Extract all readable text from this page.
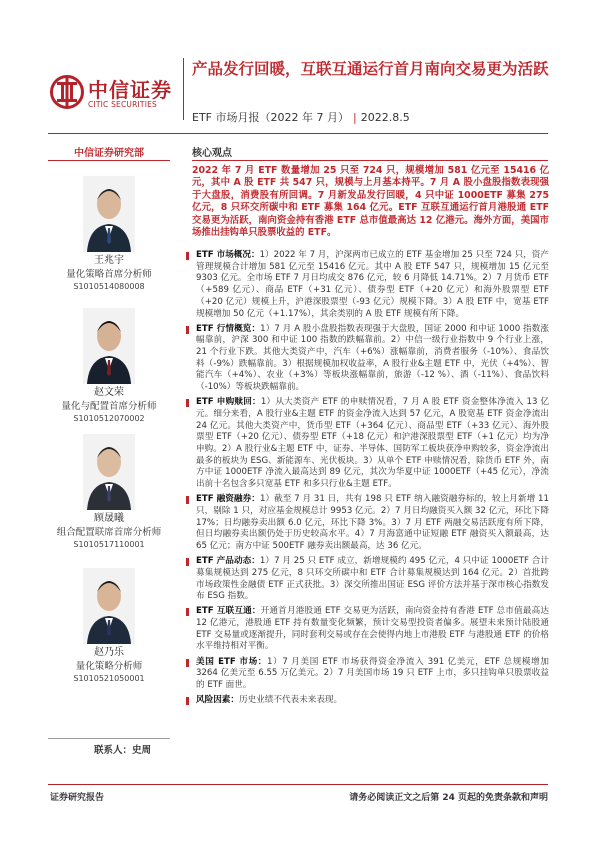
中信证券
CITIC SECURITIES
产品发行回暖，互联互通运行首月南向交易更为活跃
ETF 市场月报（2022 年 7 月） | 2022.8.5
中信证券研究部
王兆宇
量化策略首席分析师
S1010514080008
赵文荣
量化与配置首席分析师
S1010512070002
顾晟曦
组合配置联席首席分析师
S1010517110001
赵乃乐
量化策略分析师
S1010521050001
联系人：史周
核心观点

2022 年 7 月 ETF 数量增加 25 只至 724 只，规模增加 581 亿元至 15416 亿元，其中 A 股 ETF 共 547 只，规模与上月基本持平。7 月 A 股小盘股指数表现强于大盘股，消费股有所回调。7 月新发品发行回暖，4 只中证 1000ETF 募集 275 亿元，8 只环交所碳中和 ETF 募集 164 亿元。ETF 互联互通运行首月港股通 ETF 交易更为活跃，南向资金持有香港 ETF 总市值最高达 12 亿港元。海外方面，美国市场推出挂钩单只股票收益的 ETF。

ETF 市场概况：1）2022 年 7 月，沪深两市已成立的 ETF 基金增加 25 只至 724 只，资产管理规模合计增加 581 亿元至 15416 亿元。其中 A 股 ETF 547 只，规模增加 15 亿元至 9303 亿元。全市场 ETF 7 月日均成交 876 亿元，较 6 月降低 14.71%。2）7 月货币 ETF（+589 亿元）、商品 ETF（+31 亿元）、债券型 ETF（+20 亿元）和海外股票型 ETF（+20 亿元）规模上升，沪港深股票型（-93 亿元）规模下降。3）A 股 ETF 中，宽基 ETF 规模增加 50 亿元（+1.17%），其余类别的 A 股 ETF 规模有所下降。
ETF 行情概览：1）7 月 A 股小盘股指数表现强于大盘股，国证 2000 和中证 1000 指数涨幅靠前，沪深 300 和中证 100 指数的跌幅靠前。2）中信一级行业指数中 9 个行业上涨，21 个行业下跌。其他大类资产中，汽车（+6%）涨幅靠前，消费者服务（-10%）、食品饮料（-9%）跌幅靠前。3）根据规模加权收益率，A 股行业&主题 ETF 中，光伏（+4%）、智能汽车（+4%）、农业（+3%）等板块涨幅靠前，旅游（-12 %）、酒（-11%）、食品饮料（-10%）等板块跌幅靠前。
ETF 申购赎回：1）从大类资产 ETF 的申赎情况看，7 月 A 股 ETF 资金整体净流入 13 亿元。细分来看，A 股行业&主题 ETF 的资金净流入达到 57 亿元，A 股宽基 ETF 资金净流出 24 亿元。其他大类资产中，货币型 ETF（+364 亿元）、商品型 ETF（+33 亿元）、海外股票型 ETF（+20 亿元）、债券型 ETF（+18 亿元）和沪港深股票型 ETF（+1 亿元）均为净申购。2）A 股行业&主题 ETF 中，证券、半导体、国防军工板块获净申购较多，资金净流出最多的板块为 ESG、新能源车、光伏板块。3）从单个 ETF 申赎情况看，除货币 ETF 外，南方中证 1000ETF 净流入最高达到 89 亿元，其次为华夏中证 1000ETF（+45 亿元），净流出前十名包含多只宽基 ETF 和多只行业&主题 ETF。
ETF 融资融券：1）截至 7 月 31 日，共有 198 只 ETF 纳入融资融券标的，较上月新增 11 只，剔除 1 只，对应基金规模总计 9953 亿元。2）7 月日均融资买入额 32 亿元，环比下降 17%；日均融券卖出额 6.0 亿元，环比下降 3%。3）7 月 ETF 两融交易活跃度有所下降，但日均融券卖出额仍处于历史较高水平。4）7 月海富通中证短融 ETF 融资买入额最高，达 65 亿元；南方中证 500ETF 融券卖出额最高，达 36 亿元。
ETF 产品动态：1）7 月 25 只 ETF 成立，新增规模约 495 亿元，4 只中证 1000ETF 合计募集规模达到 275 亿元，8 只环交所碳中和 ETF 合计募集规模达到 164 亿元。2）首批跨市场政策性金融债 ETF 正式获批。3）深交所推出国证 ESG 评价方法并基于深市核心指数发布 ESG 指数。
ETF 互联互通：开通首月港股通 ETF 交易更为活跃，南向资金持有香港 ETF 总市值最高达 12 亿港元，港股通 ETF 持有数量变化频繁，预计交易型投资者偏多。展望未来预计陆股通 ETF 交易量或逐渐提升，同时套利交易或存在会使得内地上市港股 ETF 与港股通 ETF 的价格水平维持相对平衡。
美国 ETF 市场：1）7 月美国 ETF 市场获得资金净流入 391 亿美元，ETF 总规模增加 3264 亿美元至 6.55 万亿美元。2）7 月美国市场 19 只 ETF 上市，多只挂钩单只股票收益的 ETF 面世。
风险因素：历史业绩不代表未来表现。
证券研究报告	请务必阅读正文之后第 24 页起的免责条款和声明
